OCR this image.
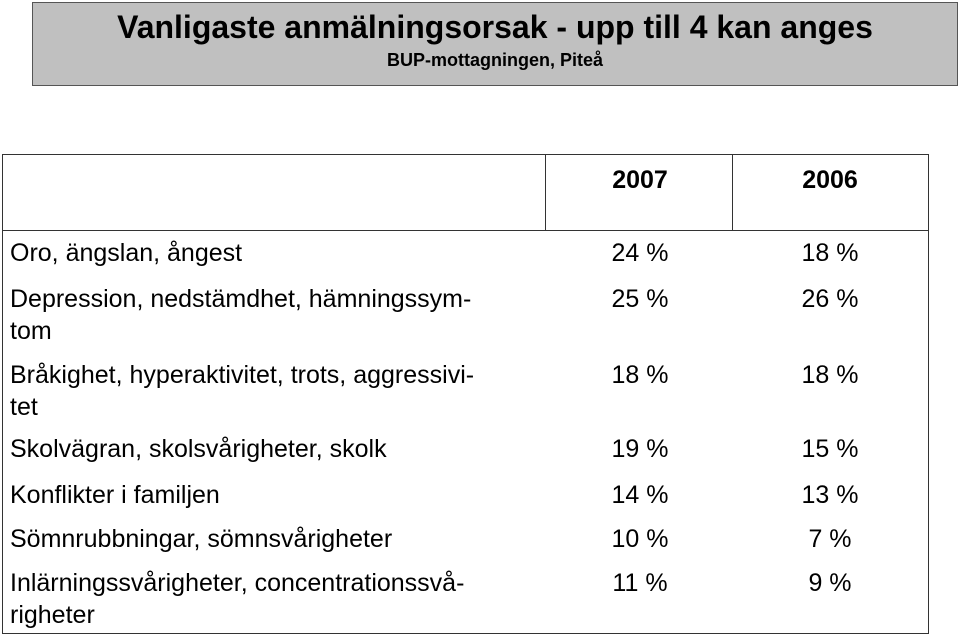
Vanligaste anmälningsorsak - upp till 4 kan anges
BUP-mottagningen, Piteå
2007	2006
Oro, ängslan, ångest	24 %	18 %
Depression, nedstämdhet, hämningssym-
tom
25 %	26 %
Bråkighet, hyperaktivitet, trots, aggressivi-
tet
18 %	18 %
Skolvägran, skolsvårigheter, skolk	19 %	15 %
Konflikter i familjen	14 %	13 %
Sömnrubbningar, sömnsvårigheter	10 %	7 %
Inlärningssvårigheter, concentrationssvå-
righeter
11 %	9 %
